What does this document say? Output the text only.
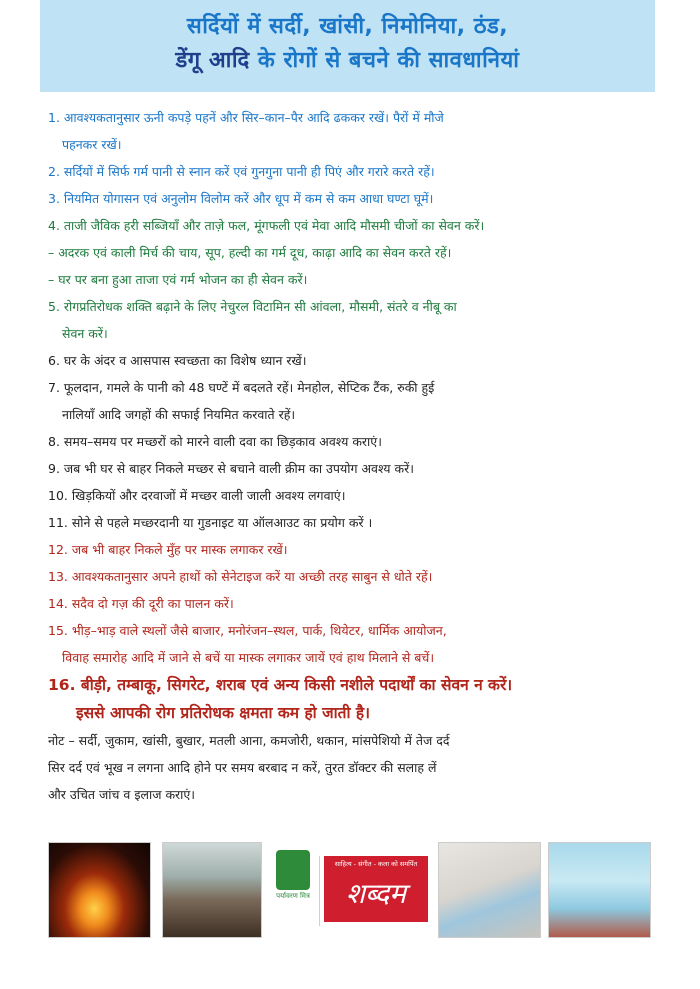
सर्दियों में सर्दी, खांसी, निमोनिया, ठंड,
डेंगू आदि के रोगों से बचने की सावधानियां
1. आवश्यकतानुसार ऊनी कपड़े पहनें और सिर–कान–पैर आदि ढककर रखें। पैरों में मौजे
पहनकर रखें।
2. सर्दियों में सिर्फ गर्म पानी से स्नान करें एवं गुनगुना पानी ही पिएं और गरारे करते रहें।
3. नियमित योगासन एवं अनुलोम विलोम करें और धूप में कम से कम आधा घण्टा घूमें।
4. ताजी जैविक हरी सब्जियाँ और ताज़े फल, मूंगफली एवं मेवा आदि मौसमी चीजों का सेवन करें।
– अदरक एवं काली मिर्च की चाय, सूप, हल्दी का गर्म दूध, काढ़ा आदि का सेवन करते रहें।
– घर पर बना हुआ ताजा एवं गर्म भोजन का ही सेवन करें।
5. रोगप्रतिरोधक शक्ति बढ़ाने के लिए नेचुरल विटामिन सी आंवला, मौसमी, संतरे व नीबू का
सेवन करें।
6. घर के अंदर व आसपास स्वच्छता का विशेष ध्यान रखें।
7. फूलदान, गमले के पानी को 48 घण्टें में बदलते रहें। मेनहोल, सेप्टिक टैंक, रुकी हुई
नालियाँ आदि जगहों की सफाई नियमित करवाते रहें।
8. समय–समय पर मच्छरों को मारने वाली दवा का छिड़काव अवश्य कराएं।
9. जब भी घर से बाहर निकले मच्छर से बचाने वाली क्रीम का उपयोग अवश्य करें।
10. खिड़कियों और दरवाजों में मच्छर वाली जाली अवश्य लगवाएं।
11. सोने से पहले मच्छरदानी या गुडनाइट या ऑलआउट का प्रयोग करें ।
12. जब भी बाहर निकले मुँह पर मास्क लगाकर रखें।
13. आवश्यकतानुसार अपने हाथों को सेनेटाइज करें या अच्छी तरह साबुन से धोते रहें।
14. सदैव दो गज़ की दूरी का पालन करें।
15. भीड़–भाड़ वाले स्थलों जैसे बाजार, मनोरंजन–स्थल, पार्क, थियेटर, धार्मिक आयोजन,
विवाह समारोह आदि में जाने से बचें या मास्क लगाकर जायें एवं हाथ मिलाने से बचें।
16. बीड़ी, तम्बाकू, सिगरेट, शराब एवं अन्य किसी नशीले पदार्थों का सेवन न करें।
इससे आपकी रोग प्रतिरोधक क्षमता कम हो जाती है।
नोट – सर्दी, जुकाम, खांसी, बुखार, मतली आना, कमजोरी, थकान, मांसपेशियो में तेज दर्द
सिर दर्द एवं भूख न लगना आदि होने पर समय बरबाद न करें, तुरत डॉक्टर की सलाह लें
और उचित जांच व इलाज कराएं।
पर्यावरण मित्र
साहित्य - संगीत - कला को समर्पित
शब्दम
